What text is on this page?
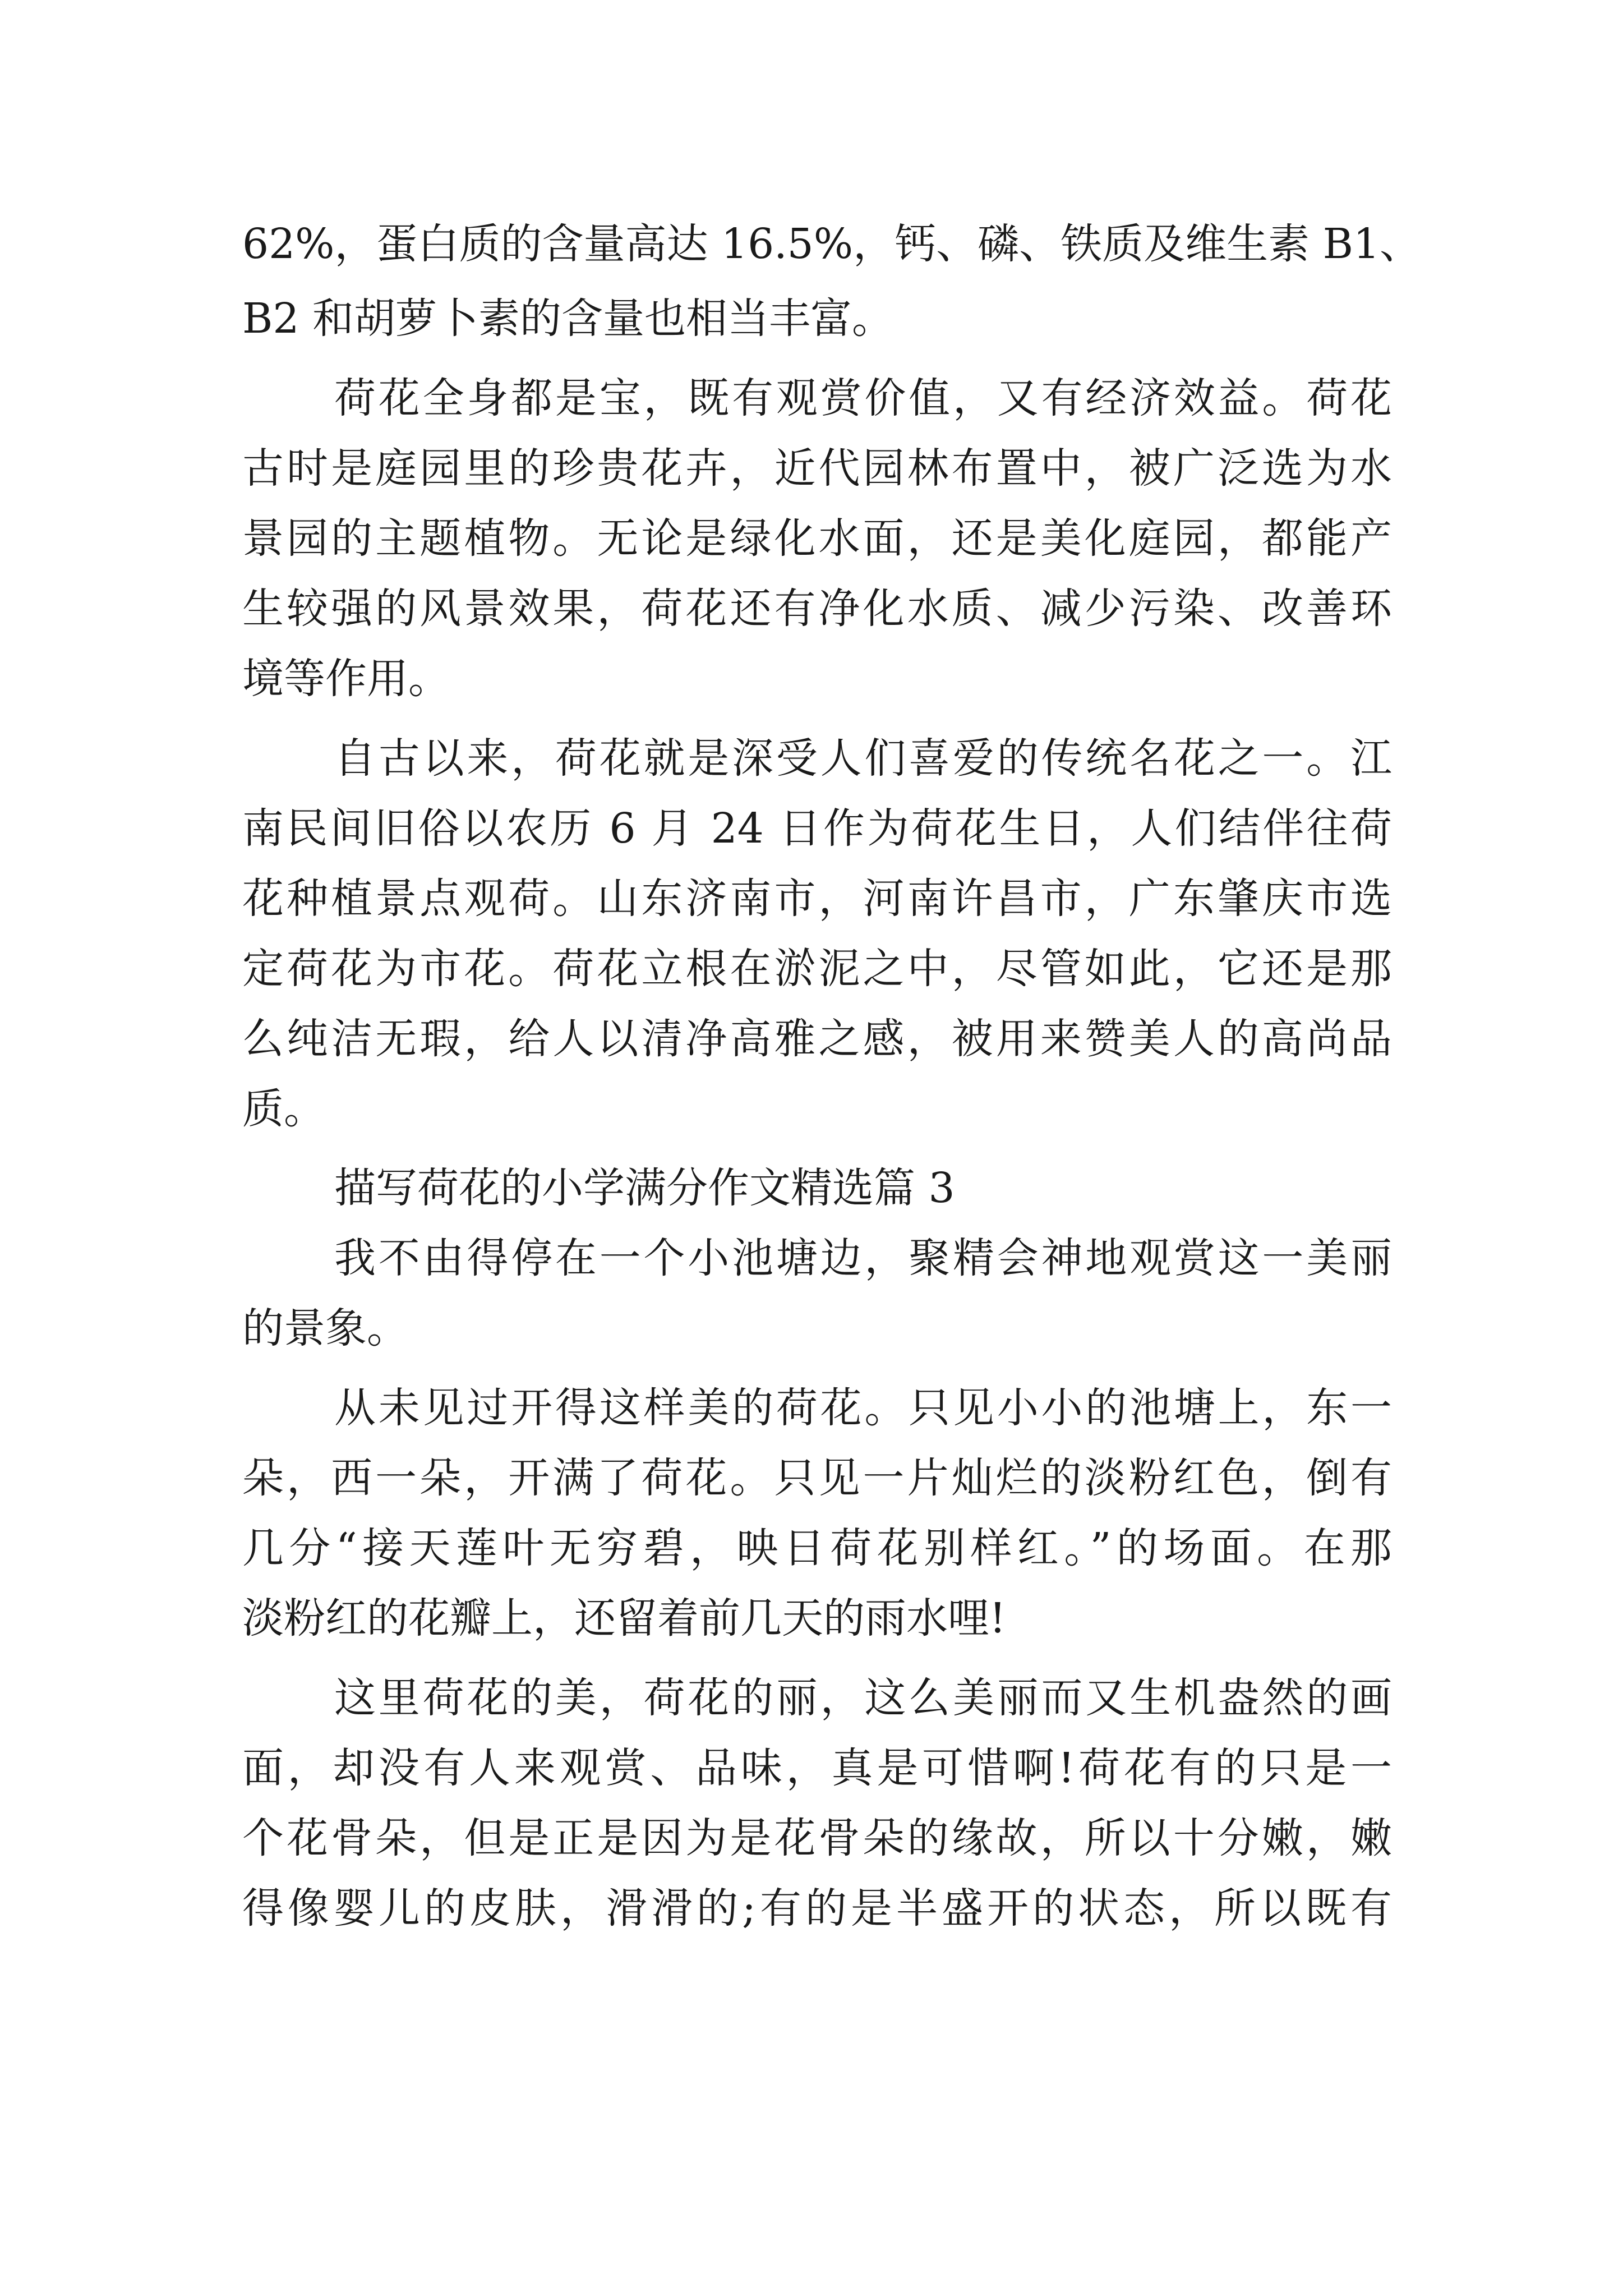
62%，蛋白质的含量高达 16.5%，钙、磷、铁质及维生素 B1、
B2 和胡萝卜素的含量也相当丰富。
荷花全身都是宝，既有观赏价值，又有经济效益。荷花
古时是庭园里的珍贵花卉，近代园林布置中，被广泛选为水
景园的主题植物。无论是绿化水面，还是美化庭园，都能产
生较强的风景效果，荷花还有净化水质、减少污染、改善环
境等作用。
自古以来，荷花就是深受人们喜爱的传统名花之一。江
南民间旧俗以农历 6 月 24 日作为荷花生日，人们结伴往荷
花种植景点观荷。山东济南市，河南许昌市，广东肇庆市选
定荷花为市花。荷花立根在淤泥之中，尽管如此，它还是那
么纯洁无瑕，给人以清净高雅之感，被用来赞美人的高尚品
质。
描写荷花的小学满分作文精选篇 3
我不由得停在一个小池塘边，聚精会神地观赏这一美丽
的景象。
从未见过开得这样美的荷花。只见小小的池塘上，东一
朵，西一朵，开满了荷花。只见一片灿烂的淡粉红色，倒有
几分“接天莲叶无穷碧，映日荷花别样红。”的场面。在那
淡粉红的花瓣上，还留着前几天的雨水哩!
这里荷花的美，荷花的丽，这么美丽而又生机盎然的画
面，却没有人来观赏、品味，真是可惜啊!荷花有的只是一
个花骨朵，但是正是因为是花骨朵的缘故，所以十分嫩，嫩
得像婴儿的皮肤，滑滑的;有的是半盛开的状态，所以既有
